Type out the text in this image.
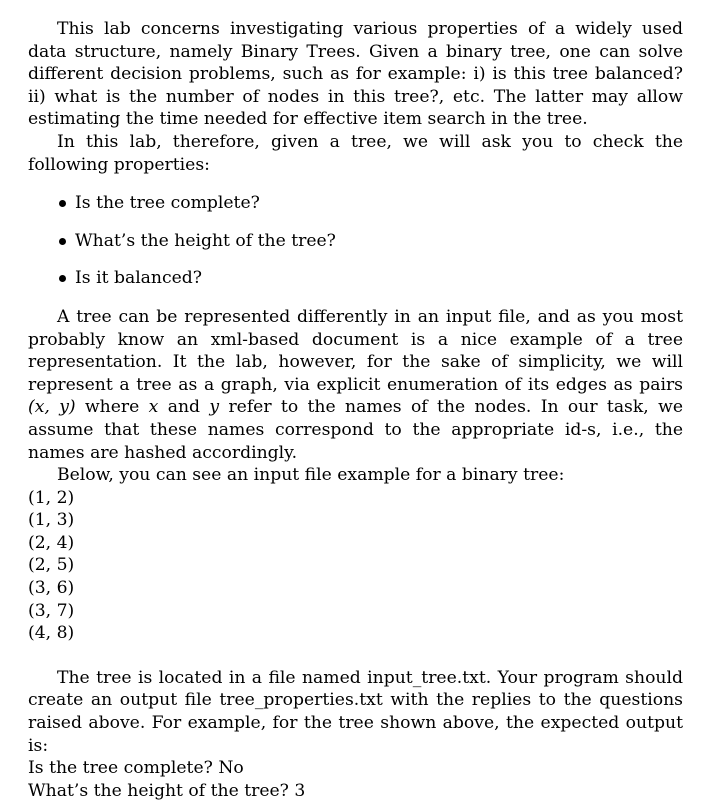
This lab concerns investigating various properties of a widely used data structure, namely Binary Trees. Given a binary tree, one can solve different decision problems, such as for example: i) is this tree balanced? ii) what is the number of nodes in this tree?, etc. The latter may allow estimating the time needed for effective item search in the tree.

In this lab, therefore, given a tree, we will ask you to check the following properties:

Is the tree complete?
What’s the height of the tree?
Is it balanced?

A tree can be represented differently in an input file, and as you most probably know an xml-based document is a nice example of a tree representation. It the lab, however, for the sake of simplicity, we will represent a tree as a graph, via explicit enumeration of its edges as pairs (x, y) where x and y refer to the names of the nodes. In our task, we assume that these names correspond to the appropriate id-s, i.e., the names are hashed accordingly.

Below, you can see an input file example for a binary tree:

(1, 2)
(1, 3)
(2, 4)
(2, 5)
(3, 6)
(3, 7)
(4, 8)

The tree is located in a file named input_tree.txt. Your program should create an output file tree_properties.txt with the replies to the questions raised above. For example, for the tree shown above, the expected output is:

Is the tree complete? No

What’s the height of the tree? 3
